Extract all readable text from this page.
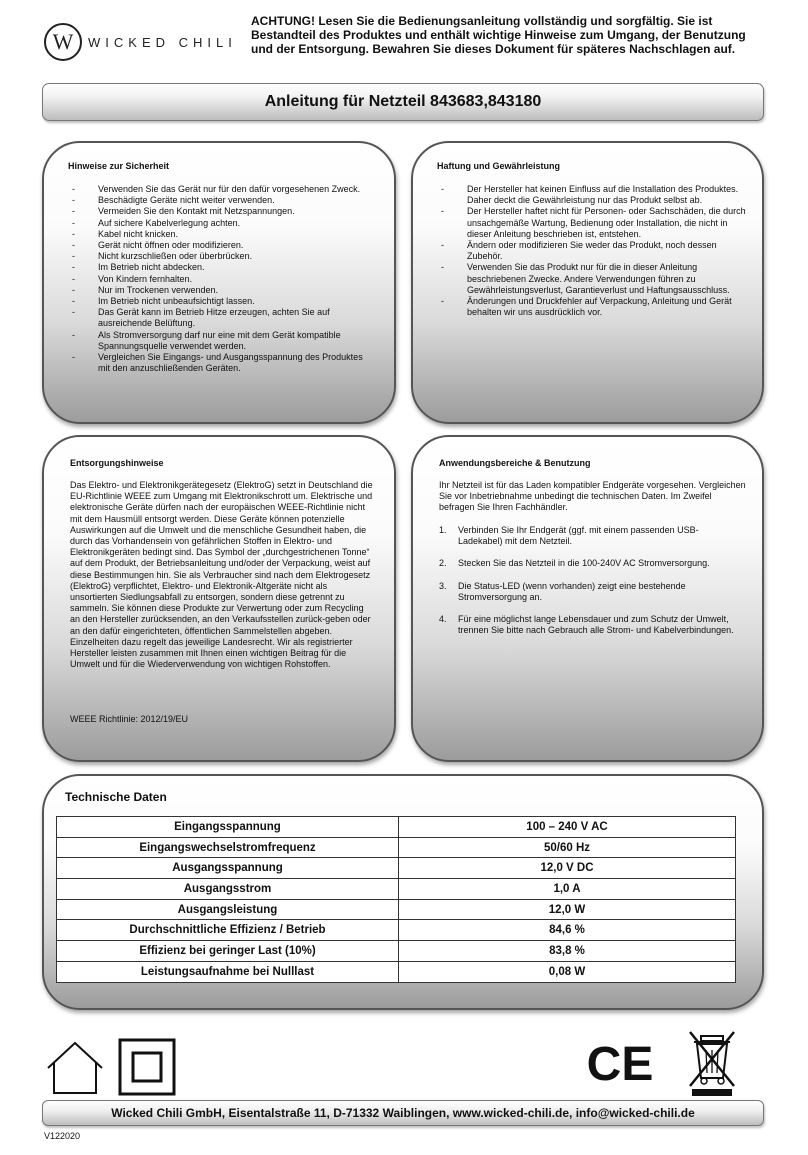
W WICKED CHILI
ACHTUNG! Lesen Sie die Bedienungsanleitung vollständig und sorgfältig. Sie ist Bestandteil des Produktes und enthält wichtige Hinweise zum Umgang, der Benutzung und der Entsorgung. Bewahren Sie dieses Dokument für späteres Nachschlagen auf.
Anleitung für Netzteil 843683,843180
Hinweise zur Sicherheit
- Verwenden Sie das Gerät nur für den dafür vorgesehenen Zweck.
- Beschädigte Geräte nicht weiter verwenden.
- Vermeiden Sie den Kontakt mit Netzspannungen.
- Auf sichere Kabelverlegung achten.
- Kabel nicht knicken.
- Gerät nicht öffnen oder modifizieren.
- Nicht kurzschließen oder überbrücken.
- Im Betrieb nicht abdecken.
- Von Kindern fernhalten.
- Nur im Trockenen verwenden.
- Im Betrieb nicht unbeaufsichtigt lassen.
- Das Gerät kann im Betrieb Hitze erzeugen, achten Sie auf ausreichende Belüftung.
- Als Stromversorgung darf nur eine mit dem Gerät kompatible Spannungsquelle verwendet werden.
- Vergleichen Sie Eingangs- und Ausgangsspannung des Produktes mit den anzuschließenden Geräten.
Haftung und Gewährleistung
- Der Hersteller hat keinen Einfluss auf die Installation des Produktes. Daher deckt die Gewährleistung nur das Produkt selbst ab.
- Der Hersteller haftet nicht für Personen- oder Sachschäden, die durch unsachgemäße Wartung, Bedienung oder Installation, die nicht in dieser Anleitung beschrieben ist, entstehen.
- Ändern oder modifizieren Sie weder das Produkt, noch dessen Zubehör.
- Verwenden Sie das Produkt nur für die in dieser Anleitung beschriebenen Zwecke. Andere Verwendungen führen zu Gewährleistungsverlust, Garantieverlust und Haftungsausschluss.
- Änderungen und Druckfehler auf Verpackung, Anleitung und Gerät behalten wir uns ausdrücklich vor.
Entsorgungshinweise
Das Elektro- und Elektronikgerätegesetz (ElektroG) setzt in Deutschland die EU-Richtlinie WEEE zum Umgang mit Elektronikschrott um. Elektrische und elektronische Geräte dürfen nach der europäischen WEEE-Richtlinie nicht mit dem Hausmüll entsorgt werden. Diese Geräte können potenzielle Auswirkungen auf die Umwelt und die menschliche Gesundheit haben, die durch das Vorhandensein von gefährlichen Stoffen in Elektro- und Elektronikgeräten bedingt sind. Das Symbol der „durchgestrichenen Tonne“ auf dem Produkt, der Betriebsanleitung und/oder der Verpackung, weist auf diese Bestimmungen hin. Sie als Verbraucher sind nach dem Elektrogesetz (ElektroG) verpflichtet, Elektro- und Elektronik-Altgeräte nicht als unsortierten Siedlungsabfall zu entsorgen, sondern diese getrennt zu sammeln. Sie können diese Produkte zur Verwertung oder zum Recycling an den Hersteller zurücksenden, an den Verkaufsstellen zurück-geben oder an den dafür eingerichteten, öffentlichen Sammelstellen abgeben. Einzelheiten dazu regelt das jeweilige Landesrecht. Wir als registrierter Hersteller leisten zusammen mit Ihnen einen wichtigen Beitrag für die Umwelt und für die Wiederverwendung von wichtigen Rohstoffen.
WEEE Richtlinie: 2012/19/EU
Anwendungsbereiche & Benutzung
Ihr Netzteil ist für das Laden kompatibler Endgeräte vorgesehen. Vergleichen Sie vor Inbetriebnahme unbedingt die technischen Daten. Im Zweifel befragen Sie Ihren Fachhändler.
1. Verbinden Sie Ihr Endgerät (ggf. mit einem passenden USB-Ladekabel) mit dem Netzteil.
2. Stecken Sie das Netzteil in die 100-240V AC Stromversorgung.
3. Die Status-LED (wenn vorhanden) zeigt eine bestehende Stromversorgung an.
4. Für eine möglichst lange Lebensdauer und zum Schutz der Umwelt, trennen Sie bitte nach Gebrauch alle Strom- und Kabelverbindungen.
Technische Daten
Eingangsspannung	100 – 240 V AC
Eingangswechselstromfrequenz	50/60 Hz
Ausgangsspannung	12,0 V DC
Ausgangsstrom	1,0 A
Ausgangsleistung	12,0 W
Durchschnittliche Effizienz / Betrieb	84,6 %
Effizienz bei geringer Last (10%)	83,8 %
Leistungsaufnahme bei Nulllast	0,08 W
CE
Wicked Chili GmbH, Eisentalstraße 11, D-71332 Waiblingen, www.wicked-chili.de, info@wicked-chili.de
V122020
